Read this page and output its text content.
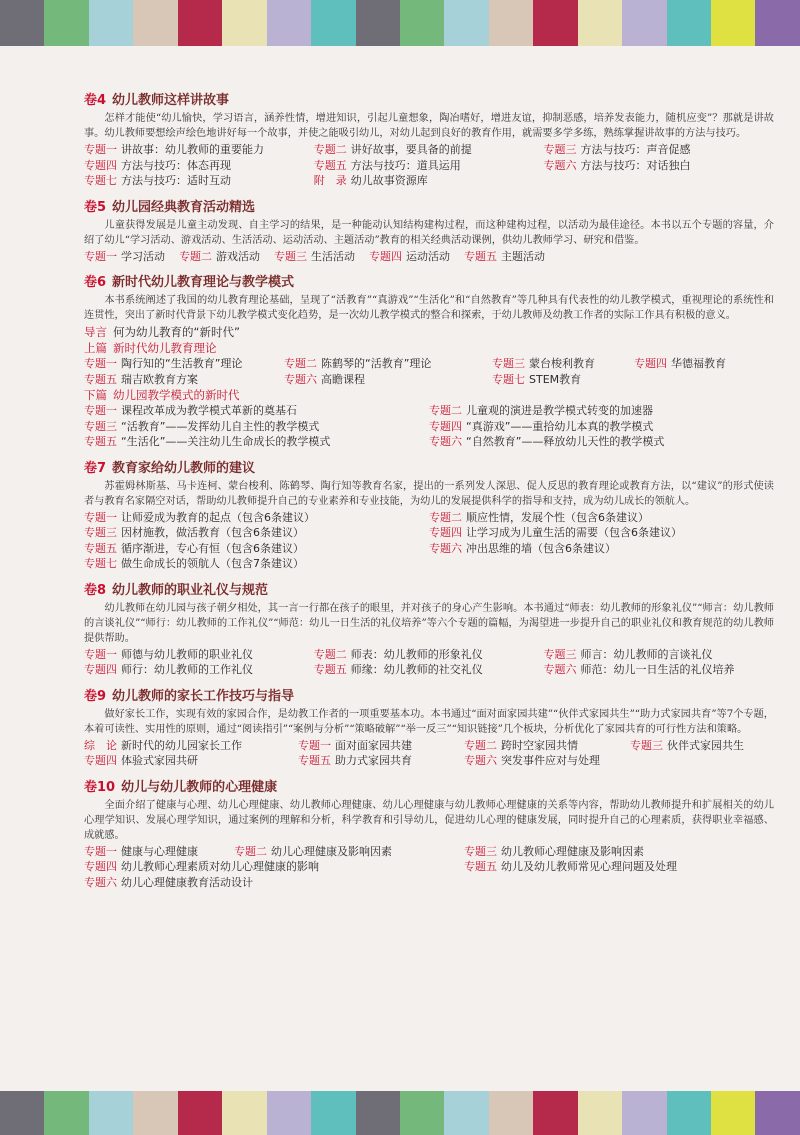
卷4 幼儿教师这样讲故事

怎样才能使“幼儿愉快，学习语言，涵养性情，增进知识，引起儿童想象，陶冶嗜好，增进友谊，抑制恶感，培养发表能力，随机应变”？那就是讲故事。幼儿教师要想绘声绘色地讲好每一个故事，并使之能吸引幼儿，对幼儿起到良好的教育作用，就需要多学多练，熟练掌握讲故事的方法与技巧。

专题一 讲故事：幼儿教师的重要能力	专题二 讲好故事，要具备的前提	专题三 方法与技巧：声音促感
专题四 方法与技巧：体态再现	专题五 方法与技巧：道具运用	专题六 方法与技巧：对话独白
专题七 方法与技巧：适时互动	附　录 幼儿故事资源库
卷5 幼儿园经典教育活动精选

儿童获得发展是儿童主动发现、自主学习的结果，是一种能动认知结构建构过程，而这种建构过程，以活动为最佳途径。本书以五个专题的容量，介绍了幼儿“学习活动、游戏活动、生活活动、运动活动、主题活动”教育的相关经典活动课例，供幼儿教师学习、研究和借鉴。

专题一 学习活动 专题二 游戏活动 专题三 生活活动 专题四 运动活动 专题五 主题活动
卷6 新时代幼儿教育理论与教学模式

本书系统阐述了我国的幼儿教育理论基础，呈现了“活教育”“真游戏”“生活化”和“自然教育”等几种具有代表性的幼儿教学模式，重视理论的系统性和连贯性，突出了新时代背景下幼儿教学模式变化趋势，是一次幼儿教学模式的整合和探索，于幼儿教师及幼教工作者的实际工作具有积极的意义。

导言 何为幼儿教育的“新时代”
上篇 新时代幼儿教育理论
专题一 陶行知的“生活教育”理论	专题二 陈鹤琴的“活教育”理论	专题三 蒙台梭利教育	专题四 华德福教育
专题五 瑞吉欧教育方案	专题六 高瞻课程	专题七 STEM教育
下篇 幼儿园教学模式的新时代
专题一 课程改革成为教学模式革新的奠基石	专题二 儿童观的演进是教学模式转变的加速器
专题三 “活教育”——发挥幼儿自主性的教学模式	专题四 “真游戏”——重拾幼儿本真的教学模式
专题五 “生活化”——关注幼儿生命成长的教学模式	专题六 “自然教育”——释放幼儿天性的教学模式
卷7 教育家给幼儿教师的建议

苏霍姆林斯基、马卡连柯、蒙台梭利、陈鹤琴、陶行知等教育名家，提出的一系列发人深思、促人反思的教育理论或教育方法，以“建议”的形式使读者与教育名家隔空对话，帮助幼儿教师提升自己的专业素养和专业技能，为幼儿的发展提供科学的指导和支持，成为幼儿成长的领航人。

专题一 让师爱成为教育的起点（包含6条建议）	专题二 顺应性情，发展个性（包含6条建议）
专题三 因材施教，做活教育（包含6条建议）	专题四 让学习成为儿童生活的需要（包含6条建议）
专题五 循序渐进，专心有恒（包含6条建议）	专题六 冲出思维的墙（包含6条建议）
专题七 做生命成长的领航人（包含7条建议）
卷8 幼儿教师的职业礼仪与规范

幼儿教师在幼儿园与孩子朝夕相处，其一言一行都在孩子的眼里，并对孩子的身心产生影响。本书通过“师表：幼儿教师的形象礼仪”“师言：幼儿教师的言谈礼仪”“师行：幼儿教师的工作礼仪”“师范：幼儿一日生活的礼仪培养”等六个专题的篇幅，为渴望进一步提升自己的职业礼仪和教育规范的幼儿教师提供帮助。

专题一 师德与幼儿教师的职业礼仪	专题二 师表：幼儿教师的形象礼仪	专题三 师言：幼儿教师的言谈礼仪
专题四 师行：幼儿教师的工作礼仪	专题五 师缘：幼儿教师的社交礼仪	专题六 师范：幼儿一日生活的礼仪培养
卷9 幼儿教师的家长工作技巧与指导

做好家长工作，实现有效的家园合作，是幼教工作者的一项重要基本功。本书通过“面对面家园共建”“伙伴式家园共生”“助力式家园共育”等7个专题，本着可读性、实用性的原则，通过“阅读指引”“案例与分析”“策略破解”“举一反三”“知识链接”几个板块，分析优化了家园共育的可行性方法和策略。

综　论 新时代的幼儿园家长工作	专题一 面对面家园共建	专题二 跨时空家园共情	专题三 伙伴式家园共生
专题四 体验式家园共研	专题五 助力式家园共育	专题六 突发事件应对与处理
卷10 幼儿与幼儿教师的心理健康

全面介绍了健康与心理、幼儿心理健康、幼儿教师心理健康、幼儿心理健康与幼儿教师心理健康的关系等内容，帮助幼儿教师提升和扩展相关的幼儿心理学知识、发展心理学知识，通过案例的理解和分析，科学教育和引导幼儿，促进幼儿心理的健康发展，同时提升自己的心理素质，获得职业幸福感、成就感。

专题一 健康与心理健康	专题二 幼儿心理健康及影响因素	专题三 幼儿教师心理健康及影响因素
专题四 幼儿教师心理素质对幼儿心理健康的影响	专题五 幼儿及幼儿教师常见心理问题及处理
专题六 幼儿心理健康教育活动设计
